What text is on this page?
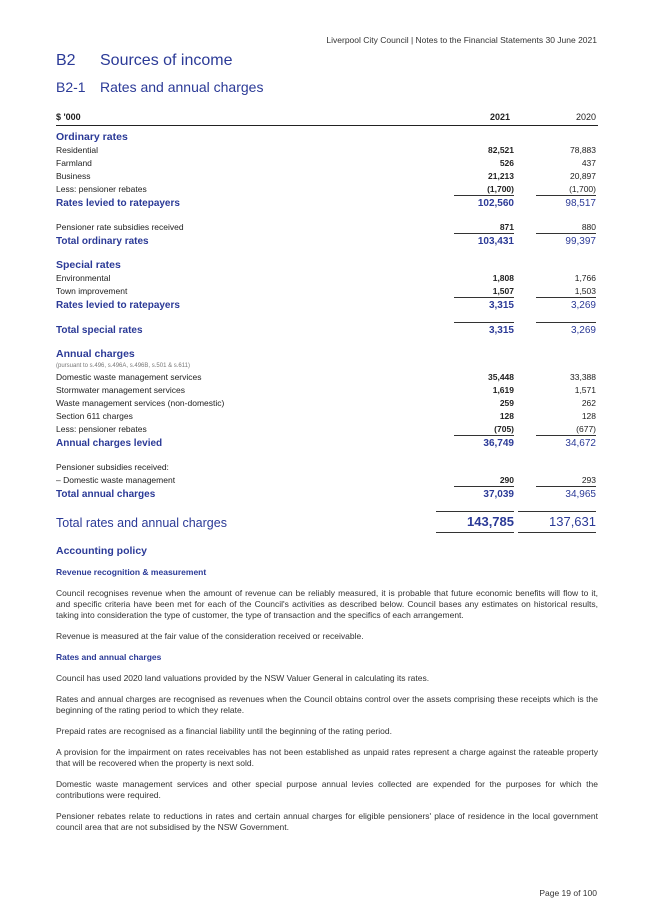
Liverpool City Council | Notes to the Financial Statements 30 June 2021
B2 Sources of income
B2-1 Rates and annual charges
$ '000	2021	2020
Ordinary rates
Residential	82,521	78,883
Farmland	526	437
Business	21,213	20,897
Less: pensioner rebates	(1,700)	(1,700)
Rates levied to ratepayers	102,560	98,517
Pensioner rate subsidies received	871	880
Total ordinary rates	103,431	99,397
Special rates
Environmental	1,808	1,766
Town improvement	1,507	1,503
Rates levied to ratepayers	3,315	3,269
Total special rates	3,315	3,269
Annual charges
(pursuant to s.496, s.496A, s.496B, s.501 & s.611)
Domestic waste management services	35,448	33,388
Stormwater management services	1,619	1,571
Waste management services (non-domestic)	259	262
Section 611 charges	128	128
Less: pensioner rebates	(705)	(677)
Annual charges levied	36,749	34,672
Pensioner subsidies received:
– Domestic waste management	290	293
Total annual charges	37,039	34,965
Total rates and annual charges	143,785	137,631
Accounting policy
Revenue recognition & measurement

Council recognises revenue when the amount of revenue can be reliably measured, it is probable that future economic benefits will flow to it, and specific criteria have been met for each of the Council's activities as described below. Council bases any estimates on historical results, taking into consideration the type of customer, the type of transaction and the specifics of each arrangement.

Revenue is measured at the fair value of the consideration received or receivable.

Rates and annual charges

Council has used 2020 land valuations provided by the NSW Valuer General in calculating its rates.

Rates and annual charges are recognised as revenues when the Council obtains control over the assets comprising these receipts which is the beginning of the rating period to which they relate.

Prepaid rates are recognised as a financial liability until the beginning of the rating period.

A provision for the impairment on rates receivables has not been established as unpaid rates represent a charge against the rateable property that will be recovered when the property is next sold.

Domestic waste management services and other special purpose annual levies collected are expended for the purposes for which the contributions were required.

Pensioner rebates relate to reductions in rates and certain annual charges for eligible pensioners' place of residence in the local government council area that are not subsidised by the NSW Government.

Page 19 of 100
